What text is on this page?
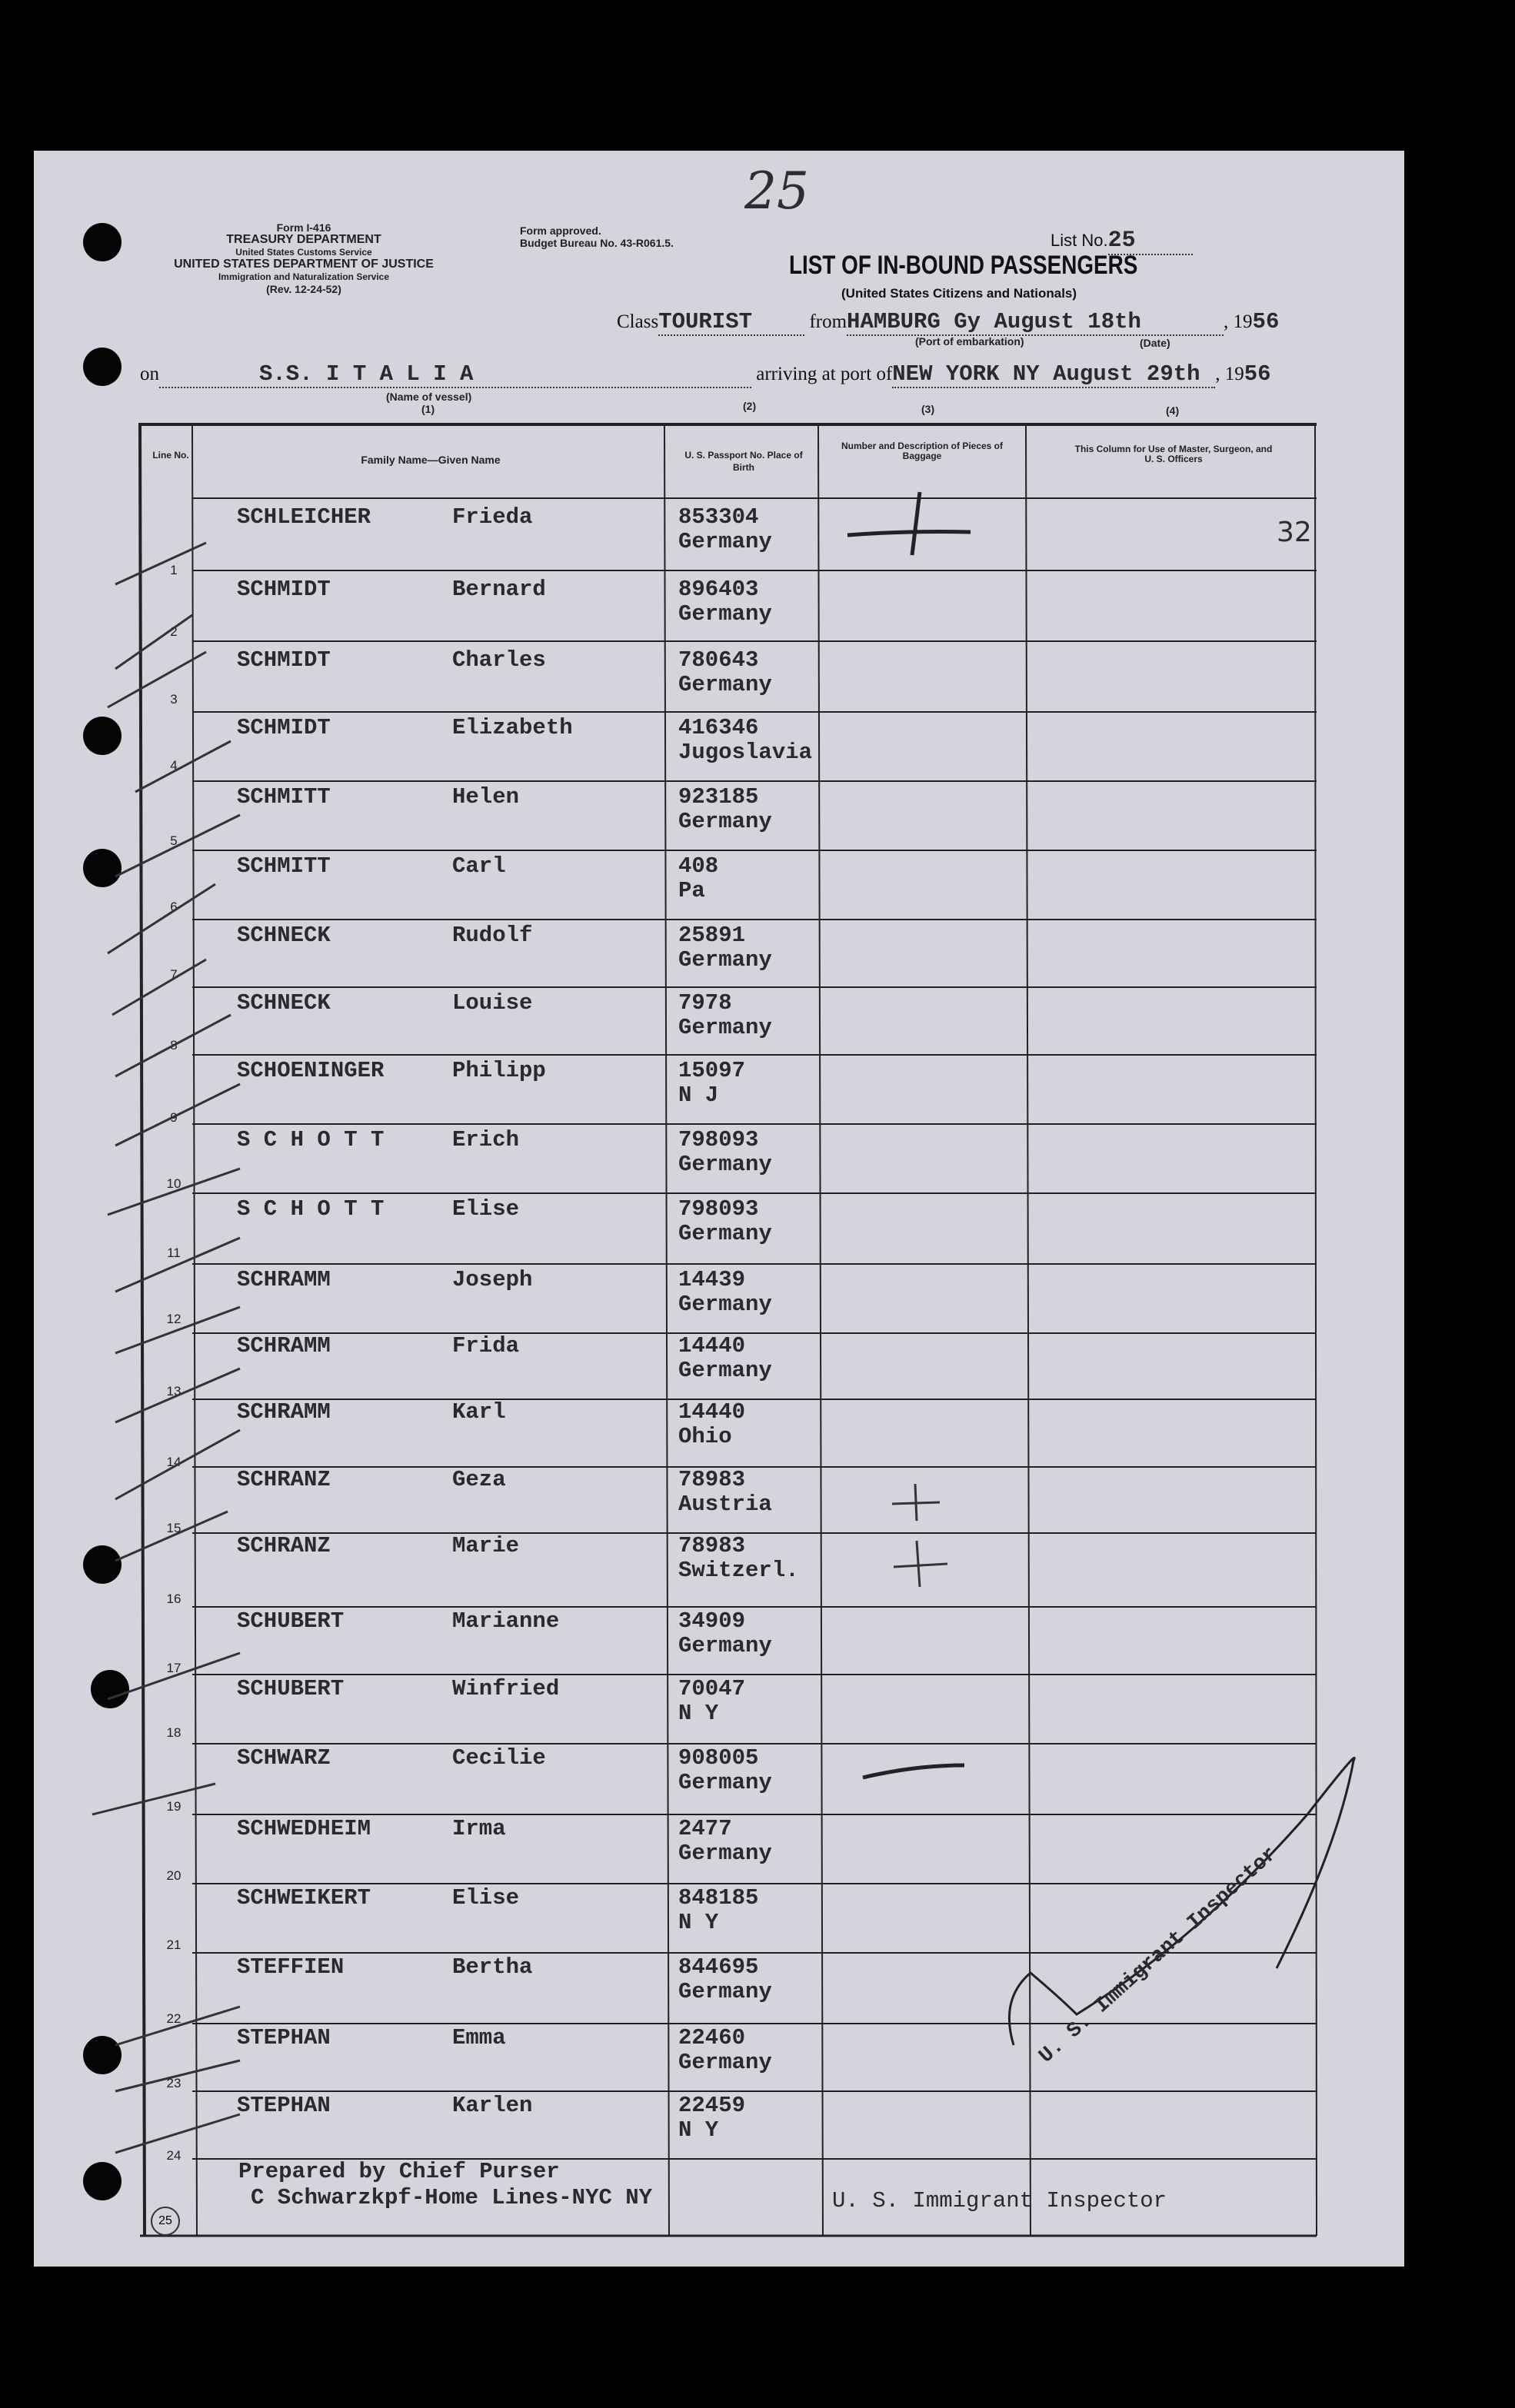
25
Form I-416
TREASURY DEPARTMENT
United States Customs Service
UNITED STATES DEPARTMENT OF JUSTICE
Immigration and Naturalization Service
(Rev. 12-24-52)
Form approved.
Budget Bureau No. 43-R061.5.	List No.25
LIST OF IN-BOUND PASSENGERS
(United States Citizens and Nationals)
ClassTOURIST	fromHAMBURG Gy August 18th	, 1956
(Port of embarkation)	(Date)
on	S.S. I T A L I A	arriving at port ofNEW YORK NY August 29th , 1956
(Name of vessel)
(1)	(2)	(3)	(4)
Line No.	Family Name—Given Name	U. S. Passport No. Place of Birth
Number and Description of Pieces of Baggage
This Column for Use of Master, Surgeon, and U. S. Officers
32
1
SCHLEICHER	Frieda	853304
Germany
2
SCHMIDT	Bernard	896403
Germany
3
SCHMIDT	Charles	780643
Germany
4
SCHMIDT	Elizabeth	416346
Jugoslavia
5
SCHMITT	Helen	923185
Germany
6
SCHMITT	Carl	408
Pa
7
SCHNECK	Rudolf	25891
Germany
8
SCHNECK	Louise	7978
Germany
9
SCHOENINGER	Philipp	15097
N J
10
S C H O T T	Erich	798093
Germany
11
S C H O T T	Elise	798093
Germany
12
SCHRAMM	Joseph	14439
Germany
13
SCHRAMM	Frida	14440
Germany
14
SCHRAMM	Karl	14440
Ohio
15
SCHRANZ	Geza	78983
Austria
16
SCHRANZ	Marie	78983
Switzerl.
17
SCHUBERT	Marianne	34909
Germany
18
SCHUBERT	Winfried	70047
N Y
19
SCHWARZ	Cecilie	908005
Germany
20
SCHWEDHEIM	Irma	2477
Germany
21
SCHWEIKERT	Elise	848185
N Y
22
STEFFIEN	Bertha	844695
Germany
23
STEPHAN	Emma	22460
Germany
24
STEPHAN	Karlen	22459
N Y
25
Prepared by Chief Purser
C Schwarzkpf-Home Lines-NYC NY	U. S. Immigrant Inspector
U. S. Immigrant Inspector
